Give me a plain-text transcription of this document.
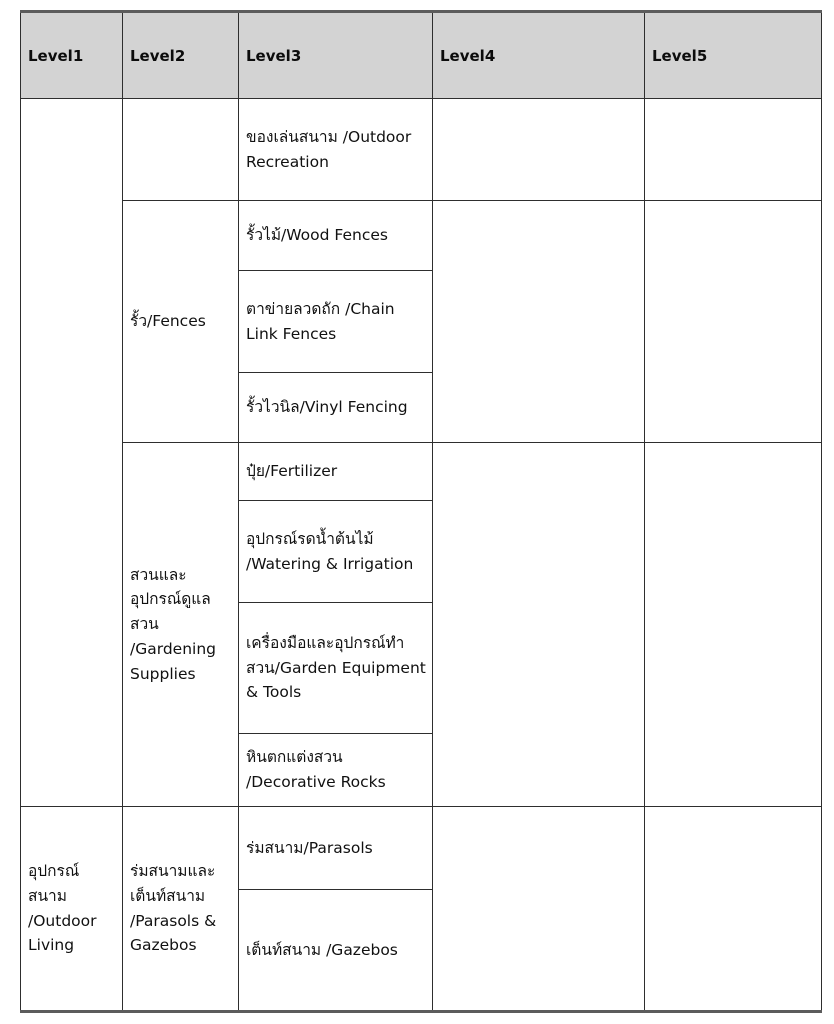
Level1	Level2	Level3	Level4	Level5
		ของเล่นสนาม /Outdoor Recreation		
	รั้ว/Fences	รั้วไม้/Wood Fences		
		ตาข่ายลวดถัก /Chain Link Fences		
		รั้วไวนิล/Vinyl Fencing		
	สวนและอุปกรณ์ดูแลสวน /Gardening Supplies	ปุ๋ย/Fertilizer		
		อุปกรณ์รดน้ำต้นไม้ /Watering & Irrigation		
		เครื่องมือและอุปกรณ์ทำสวน/Garden Equipment & Tools		
		หินตกแต่งสวน /Decorative Rocks		
อุปกรณ์สนาม /Outdoor Living	ร่มสนามและเต็นท์สนาม /Parasols & Gazebos	ร่มสนาม/Parasols		
		เต็นท์สนาม /Gazebos		
